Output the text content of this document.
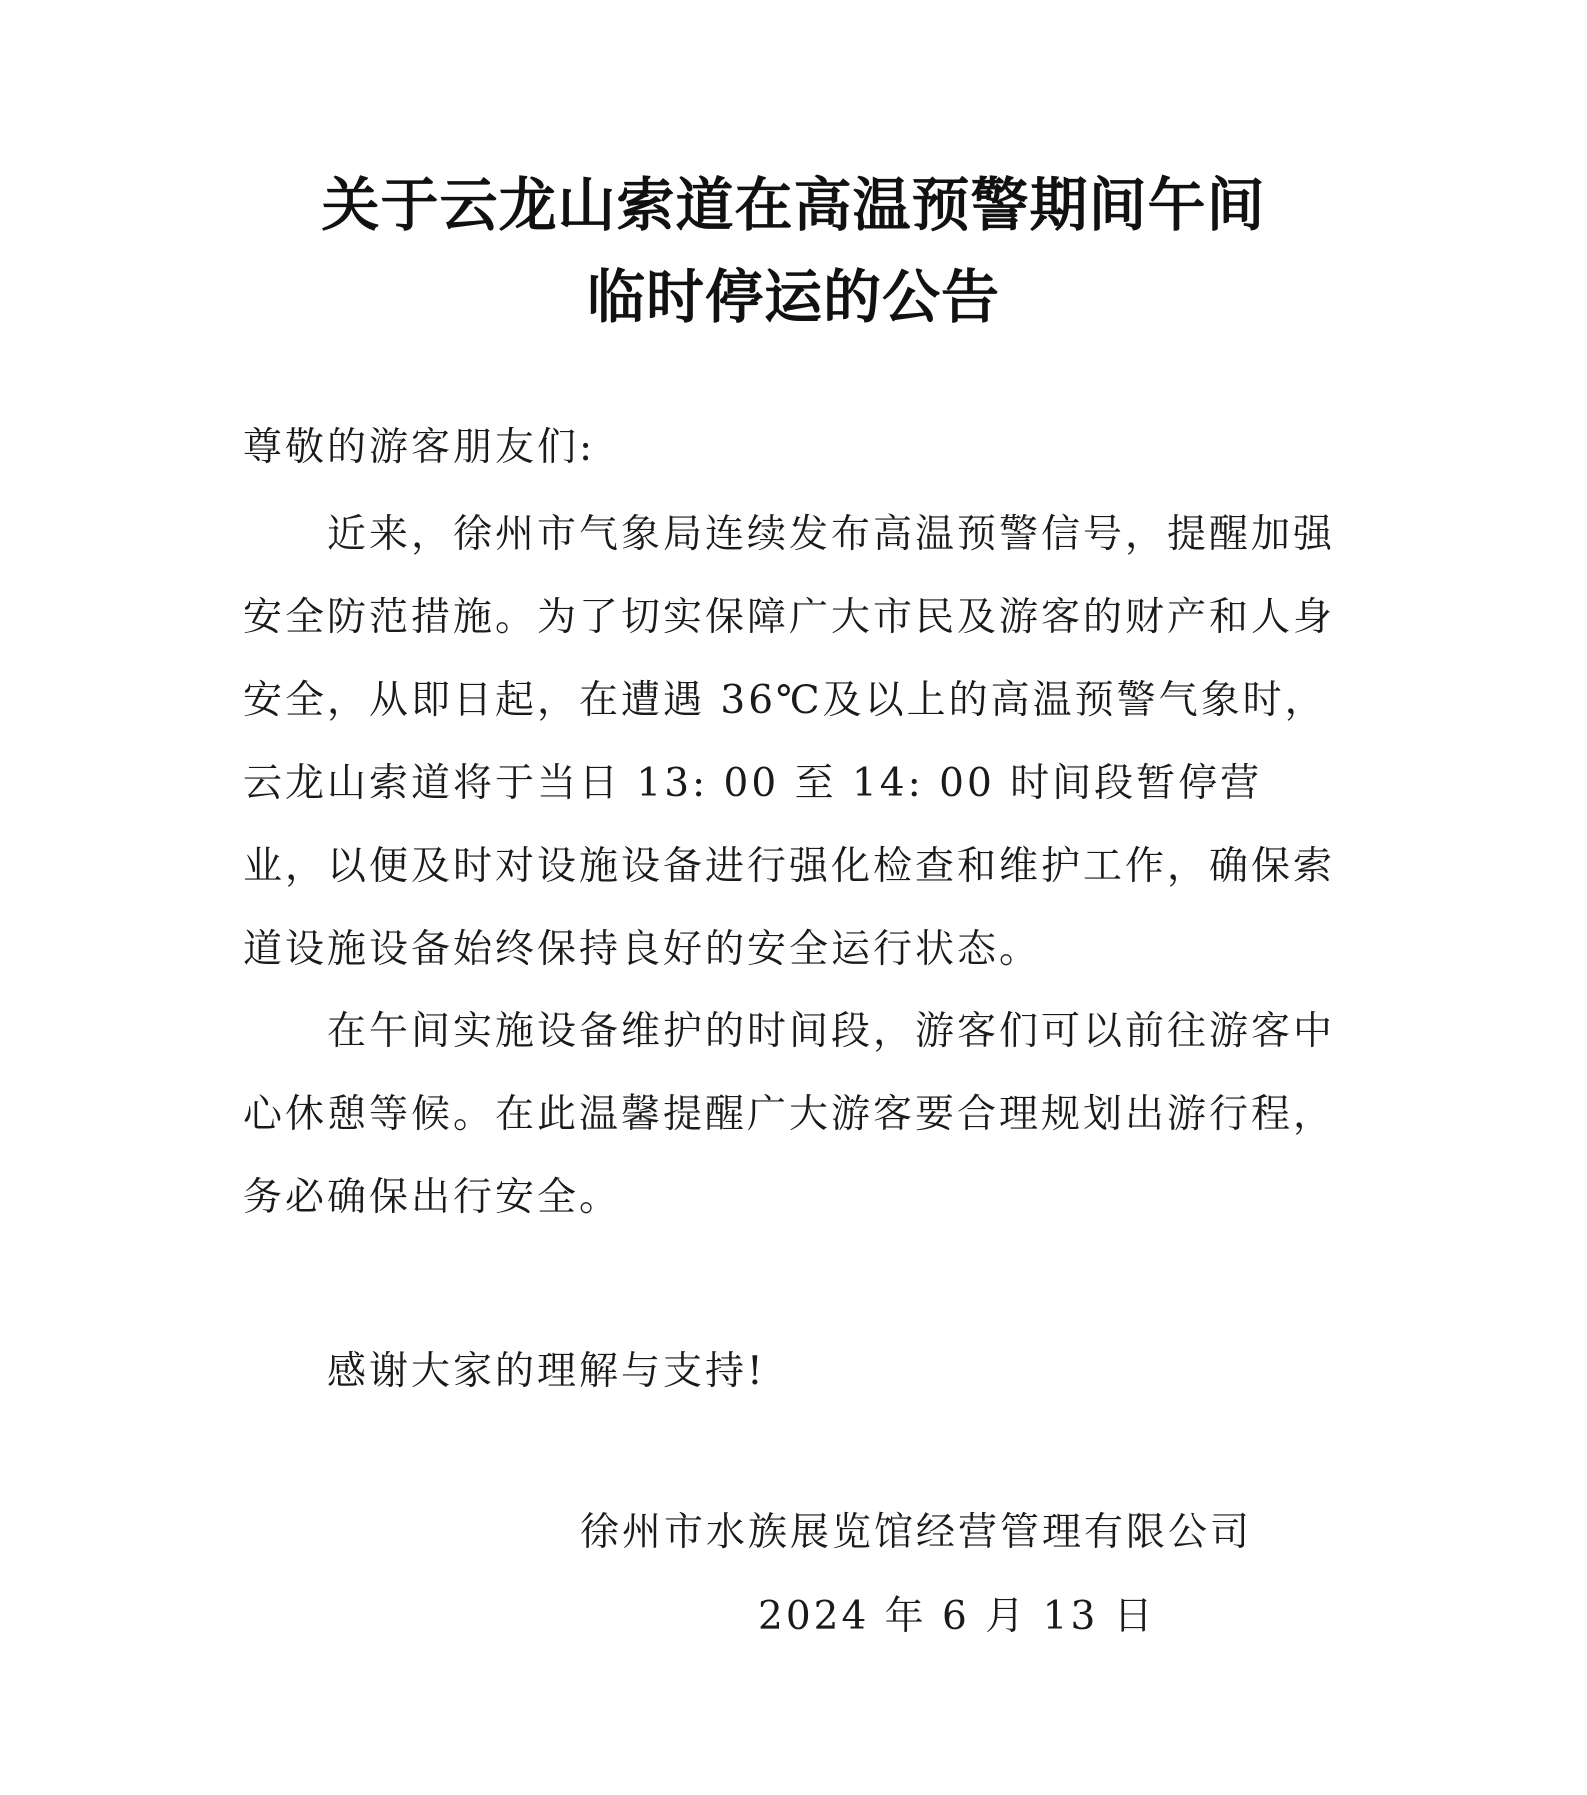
关于云龙山索道在高温预警期间午间
临时停运的公告
尊敬的游客朋友们:

近来，徐州市气象局连续发布高温预警信号，提醒加强安全防范措施。为了切实保障广大市民及游客的财产和人身安全，从即日起，在遭遇 36℃及以上的高温预警气象时，云龙山索道将于当日 13: 00 至 14: 00 时间段暂停营业，以便及时对设施设备进行强化检查和维护工作，确保索道设施设备始终保持良好的安全运行状态。

在午间实施设备维护的时间段，游客们可以前往游客中心休憩等候。在此温馨提醒广大游客要合理规划出游行程，务必确保出行安全。

感谢大家的理解与支持!
徐州市水族展览馆经营管理有限公司
2024 年 6 月 13 日
